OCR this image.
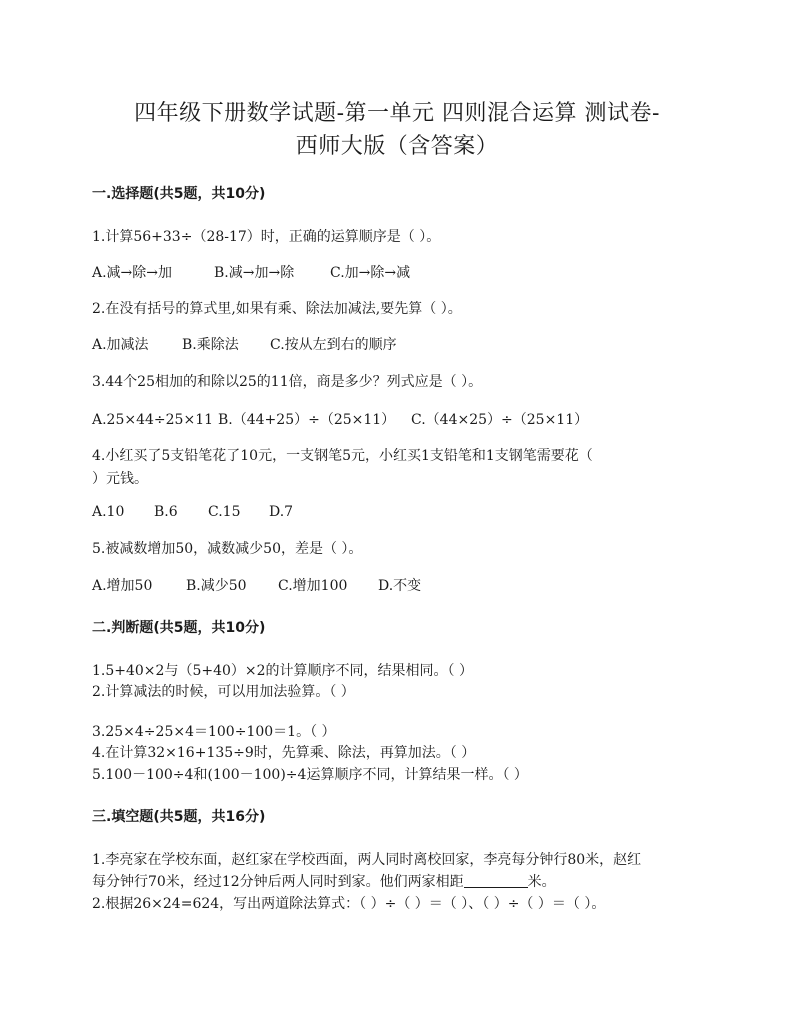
四年级下册数学试题-第一单元 四则混合运算 测试卷-
西师大版（含答案）
一.选择题(共5题，共10分)
1.计算56+33÷（28-17）时，正确的运算顺序是（ ）。
A.减→除→加	B.减→加→除	C.加→除→减
2.在没有括号的算式里,如果有乘、除法加减法,要先算（ ）。
A.加减法 B.乘除法 C.按从左到右的顺序
3.44个25相加的和除以25的11倍，商是多少？列式应是（ ）。
A.25×44÷25×11 B.（44+25）÷（25×11） C.（44×25）÷（25×11）
4.小红买了5支铅笔花了10元，一支钢笔5元，小红买1支铅笔和1支钢笔需要花（
）元钱。
A.10 B.6 C.15 D.7
5.被减数增加50，减数减少50，差是（ ）。
A.增加50 B.减少50 C.增加100 D.不变
二.判断题(共5题，共10分)
1.5+40×2与（5+40）×2的计算顺序不同，结果相同。（ ）
2.计算减法的时候，可以用加法验算。（ ）
3.25×4÷25×4＝100÷100＝1。（ ）
4.在计算32×16+135÷9时，先算乘、除法，再算加法。（ ）
5.100－100÷4和(100－100)÷4运算顺序不同，计算结果一样。（ ）
三.填空题(共5题，共16分)
1.李亮家在学校东面，赵红家在学校西面，两人同时离校回家，李亮每分钟行80米，赵红
每分钟行70米，经过12分钟后两人同时到家。他们两家相距	米。
2.根据26×24=624，写出两道除法算式：（ ）÷（ ）＝（ ）、（ ）÷（ ）＝（ ）。
